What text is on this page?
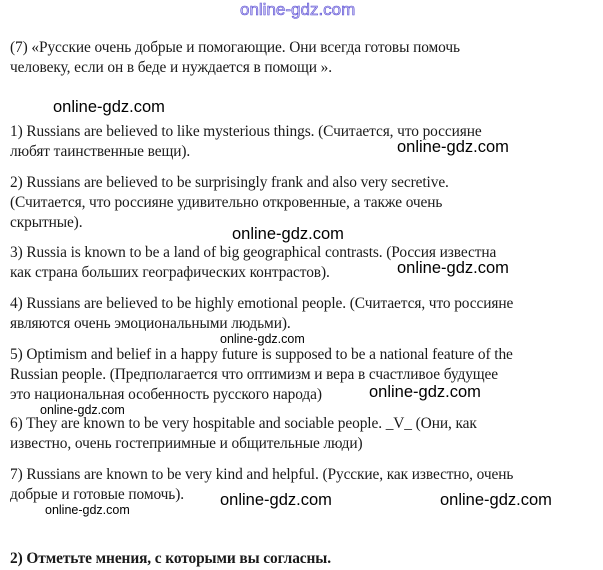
online-gdz.com
(7) «Русские очень добрые и помогающие. Они всегда готовы помочь
человеку, если он в беде и нуждается в помощи ».
online-gdz.com
1) Russians are believed to like mysterious things. (Считается, что россияне
любят таинственные вещи).	online-gdz.com
2) Russians are believed to be surprisingly frank and also very secretive.
(Считается, что россияне удивительно откровенные, а также очень
скрытные).
online-gdz.com
3) Russia is known to be a land of big geographical contrasts. (Россия известна
как страна больших географических контрастов).	online-gdz.com
4) Russians are believed to be highly emotional people. (Считается, что россияне
являются очень эмоциональными людьми).
online-gdz.com
5) Optimism and belief in a happy future is supposed to be a national feature of the
Russian people. (Предполагается что оптимизм и вера в счастливое будущее
это национальная особенность русского народа)	online-gdz.com
online-gdz.com
6) They are known to be very hospitable and sociable people. _V_ (Они, как
известно, очень гостеприимные и общительные люди)
7) Russians are known to be very kind and helpful. (Русские, как известно, очень
добрые и готовые помочь).	online-gdz.com	online-gdz.com
online-gdz.com
2) Отметьте мнения, с которыми вы согласны.
